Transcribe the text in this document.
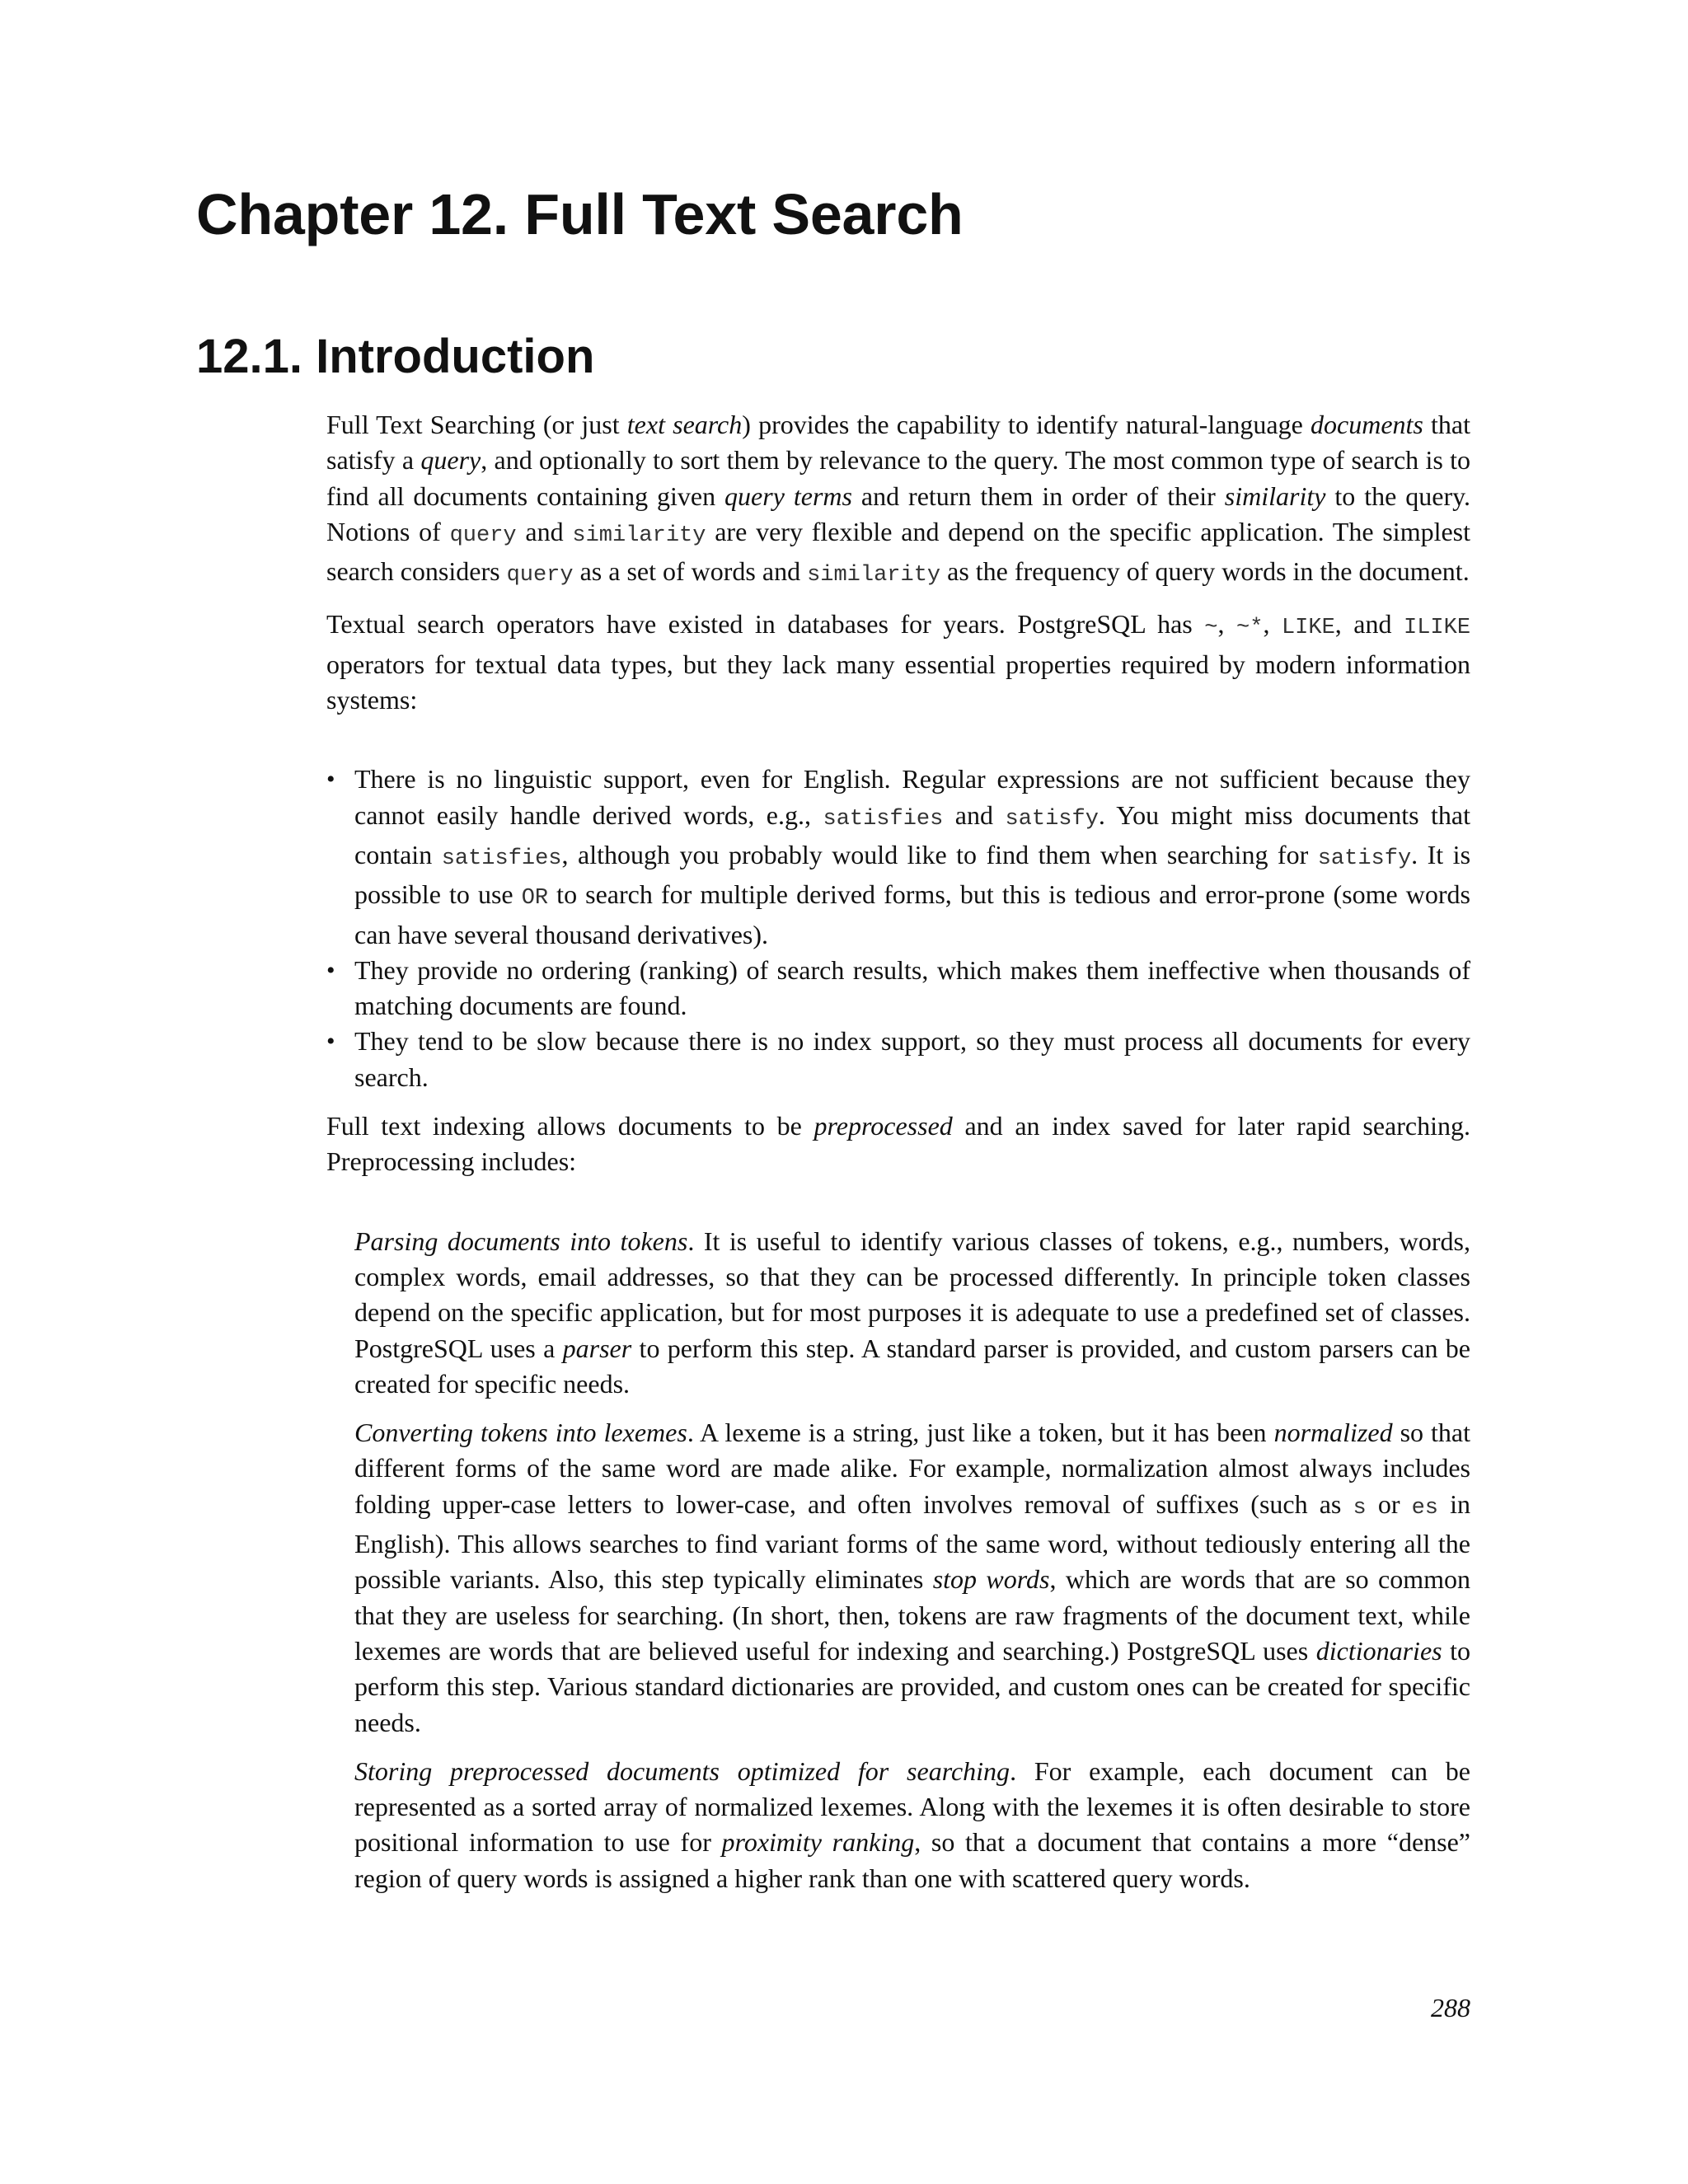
Chapter 12. Full Text Search
12.1. Introduction

Full Text Searching (or just text search) provides the capability to identify natural-language documents that satisfy a query, and optionally to sort them by relevance to the query. The most common type of search is to find all documents containing given query terms and return them in order of their similarity to the query. Notions of query and similarity are very flexible and depend on the specific application. The simplest search considers query as a set of words and similarity as the frequency of query words in the document.

Textual search operators have existed in databases for years. PostgreSQL has ~, ~*, LIKE, and ILIKE operators for textual data types, but they lack many essential properties required by modern information systems:

• There is no linguistic support, even for English. Regular expressions are not sufficient because they cannot easily handle derived words, e.g., satisfies and satisfy. You might miss documents that contain satisfies, although you probably would like to find them when searching for satisfy. It is possible to use OR to search for multiple derived forms, but this is tedious and error-prone (some words can have several thousand derivatives).
• They provide no ordering (ranking) of search results, which makes them ineffective when thousands of matching documents are found.
• They tend to be slow because there is no index support, so they must process all documents for every search.

Full text indexing allows documents to be preprocessed and an index saved for later rapid searching. Preprocessing includes:

Parsing documents into tokens. It is useful to identify various classes of tokens, e.g., numbers, words, complex words, email addresses, so that they can be processed differently. In principle token classes depend on the specific application, but for most purposes it is adequate to use a predefined set of classes. PostgreSQL uses a parser to perform this step. A standard parser is provided, and custom parsers can be created for specific needs.

Converting tokens into lexemes. A lexeme is a string, just like a token, but it has been normalized so that different forms of the same word are made alike. For example, normalization almost always includes folding upper-case letters to lower-case, and often involves removal of suffixes (such as s or es in English). This allows searches to find variant forms of the same word, without tediously entering all the possible variants. Also, this step typically eliminates stop words, which are words that are so common that they are useless for searching. (In short, then, tokens are raw fragments of the document text, while lexemes are words that are believed useful for indexing and searching.) PostgreSQL uses dictionaries to perform this step. Various standard dictionaries are provided, and custom ones can be created for specific needs.

Storing preprocessed documents optimized for searching. For example, each document can be represented as a sorted array of normalized lexemes. Along with the lexemes it is often desirable to store positional information to use for proximity ranking, so that a document that contains a more “dense” region of query words is assigned a higher rank than one with scattered query words.

288
